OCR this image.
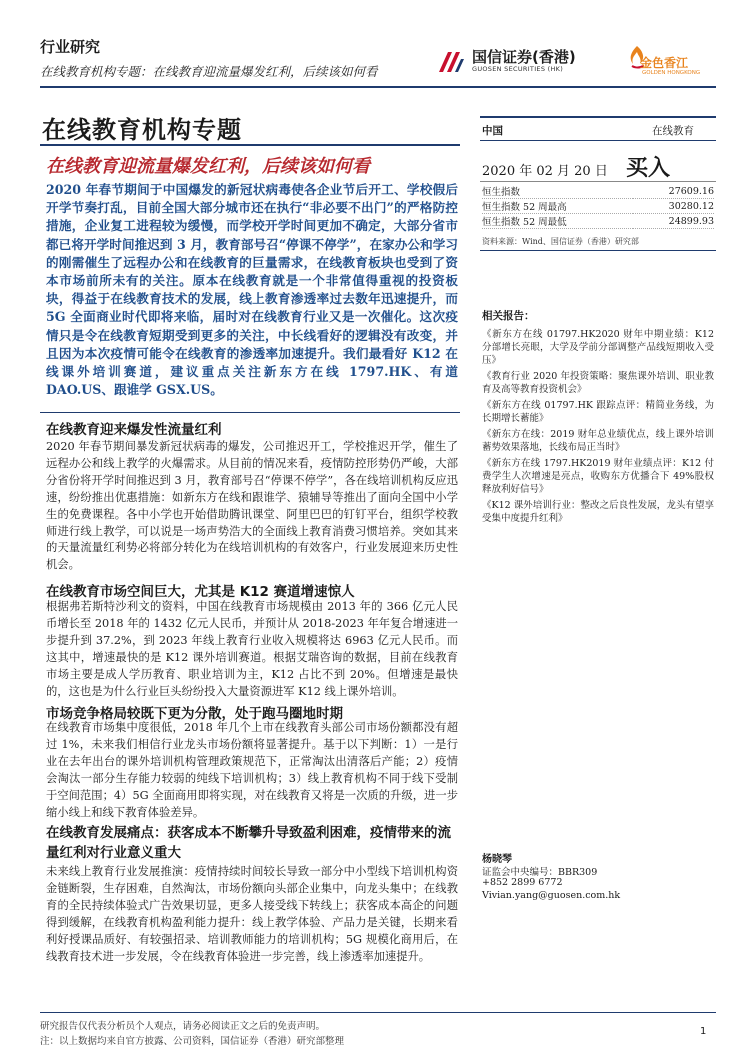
行业研究
在线教育机构专题：在线教育迎流量爆发红利，后续该如何看
国信证券(香港)
GUOSEN SECURITIES (HK)	金色香江
GOLDEN HONGKONG
在线教育机构专题
在线教育迎流量爆发红利，后续该如何看
2020 年春节期间于中国爆发的新冠状病毒使各企业节后开工、学校假后开学节奏打乱，目前全国大部分城市还在执行“非必要不出门”的严格防控措施，企业复工进程较为缓慢，而学校开学时间更加不确定，大部分省市都已将开学时间推迟到 3 月，教育部号召“停课不停学”，在家办公和学习的刚需催生了远程办公和在线教育的巨量需求，在线教育板块也受到了资本市场前所未有的关注。原本在线教育就是一个非常值得重视的投资板块，得益于在线教育技术的发展，线上教育渗透率过去数年迅速提升，而 5G 全面商业时代即将来临，届时对在线教育行业又是一次催化。这次疫情只是令在线教育短期受到更多的关注，中长线看好的逻辑没有改变，并且因为本次疫情可能令在线教育的渗透率加速提升。我们最看好 K12 在线课外培训赛道，建议重点关注新东方在线 1797.HK、有道 DAO.US、跟谁学 GSX.US。
在线教育迎来爆发性流量红利
2020 年春节期间暴发新冠状病毒的爆发，公司推迟开工，学校推迟开学，催生了远程办公和线上教学的火爆需求。从目前的情况来看，疫情防控形势仍严峻，大部分省份将开学时间推迟到 3 月，教育部号召“停课不停学”，各在线培训机构反应迅速，纷纷推出优惠措施：如新东方在线和跟谁学、猿辅导等推出了面向全国中小学生的免费课程。各中小学也开始借助腾讯课堂、阿里巴巴的钉钉平台，组织学校教师进行线上教学，可以说是一场声势浩大的全面线上教育消费习惯培养。突如其来的天量流量红利势必将部分转化为在线培训机构的有效客户，行业发展迎来历史性机会。
在线教育市场空间巨大，尤其是 K12 赛道增速惊人
根据弗若斯特沙利文的资料，中国在线教育市场规模由 2013 年的 366 亿元人民币增长至 2018 年的 1432 亿元人民币，并预计从 2018-2023 年年复合增速进一步提升到 37.2%，到 2023 年线上教育行业收入规模将达 6963 亿元人民币。而这其中，增速最快的是 K12 课外培训赛道。根据艾瑞咨询的数据，目前在线教育市场主要是成人学历教育、职业培训为主，K12 占比不到 20%。但增速是最快的，这也是为什么行业巨头纷纷投入大量资源进军 K12 线上课外培训。
市场竞争格局较既下更为分散，处于跑马圈地时期
在线教育市场集中度很低，2018 年几个上市在线教育头部公司市场份额都没有超过 1%，未来我们相信行业龙头市场份额将显著提升。基于以下判断：1）一是行业在去年出台的课外培训机构管理政策规范下，正常淘汰出清落后产能；2）疫情会淘汰一部分生存能力较弱的纯线下培训机构；3）线上教育机构不同于线下受制于空间范围；4）5G 全面商用即将实现，对在线教育又将是一次质的升级，进一步缩小线上和线下教育体验差异。
在线教育发展痛点：获客成本不断攀升导致盈利困难，疫情带来的流量红利对行业意义重大
未来线上教育行业发展推演：疫情持续时间较长导致一部分中小型线下培训机构资金链断裂，生存困难，自然淘汰，市场份额向头部企业集中，向龙头集中；在线教育的全民持续体验式广告效果切显，更多人接受线下转线上；获客成本高企的问题得到缓解，在线教育机构盈利能力提升：线上教学体验、产品力是关键，长期来看利好授课品质好、有较强招录、培训教师能力的培训机构；5G 规模化商用后，在线教育技术进一步发展，令在线教育体验进一步完善，线上渗透率加速提升。
中国	在线教育
2020 年 02 月 20 日 买入
恒生指数	27609.16
恒生指数 52 周最高	30280.12
恒生指数 52 周最低	24899.93
资料来源：Wind、国信证券（香港）研究部
相关报告：
《新东方在线 01797.HK2020 财年中期业绩：K12 分部增长亮眼，大学及学前分部调整产品线短期收入受压》
《教育行业 2020 年投资策略：聚焦课外培训、职业教育及高等教育投资机会》
《新东方在线 01797.HK 跟踪点评：精简业务线，为长期增长蓄能》
《新东方在线：2019 财年总业绩优点，线上课外培训蓄势效果落地，长线布局正当时》
《新东方在线 1797.HK2019 财年业绩点评：K12 付费学生人次增速是亮点，收购东方优播合下 49%股权释放利好信号》
《K12 课外培训行业：整改之后良性发展，龙头有望享受集中度提升红利》
杨晓琴
证监会中央编号：BBR309
+852 2899 6772
Vivian.yang@guosen.com.hk
研究报告仅代表分析员个人观点，请务必阅读正文之后的免责声明。
注：以上数据均来自官方披露、公司资料，国信证券（香港）研究部整理
1
